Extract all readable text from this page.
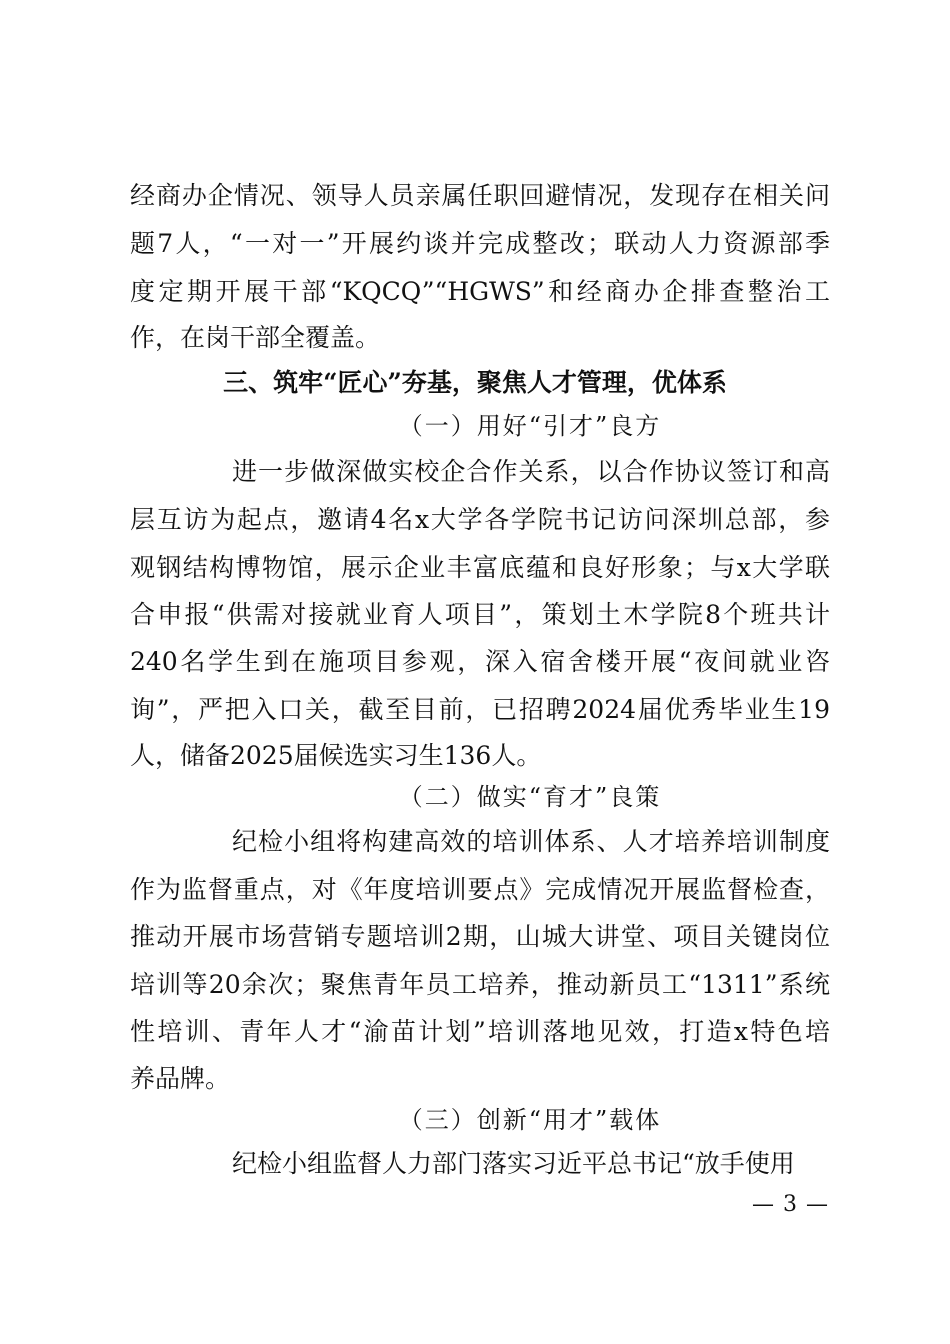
经商办企情况、领导人员亲属任职回避情况，发现存在相关问
题7人，“一对一”开展约谈并完成整改；联动人力资源部季
度定期开展干部“KQCQ”“HGWS”和经商办企排查整治工
作，在岗干部全覆盖。
三、筑牢“匠心”夯基，聚焦人才管理，优体系
（一）用好“引才”良方
进一步做深做实校企合作关系，以合作协议签订和高
层互访为起点，邀请4名x大学各学院书记访问深圳总部，参
观钢结构博物馆，展示企业丰富底蕴和良好形象；与x大学联
合申报“供需对接就业育人项目”，策划土木学院8个班共计
240名学生到在施项目参观，深入宿舍楼开展“夜间就业咨
询”，严把入口关，截至目前，已招聘2024届优秀毕业生19
人，储备2025届候选实习生136人。
（二）做实“育才”良策
纪检小组将构建高效的培训体系、人才培养培训制度
作为监督重点，对《年度培训要点》完成情况开展监督检查，
推动开展市场营销专题培训2期，山城大讲堂、项目关键岗位
培训等20余次；聚焦青年员工培养，推动新员工“1311”系统
性培训、青年人才“渝苗计划”培训落地见效，打造x特色培
养品牌。
（三）创新“用才”载体
纪检小组监督人力部门落实习近平总书记“放手使用
— 3 —
